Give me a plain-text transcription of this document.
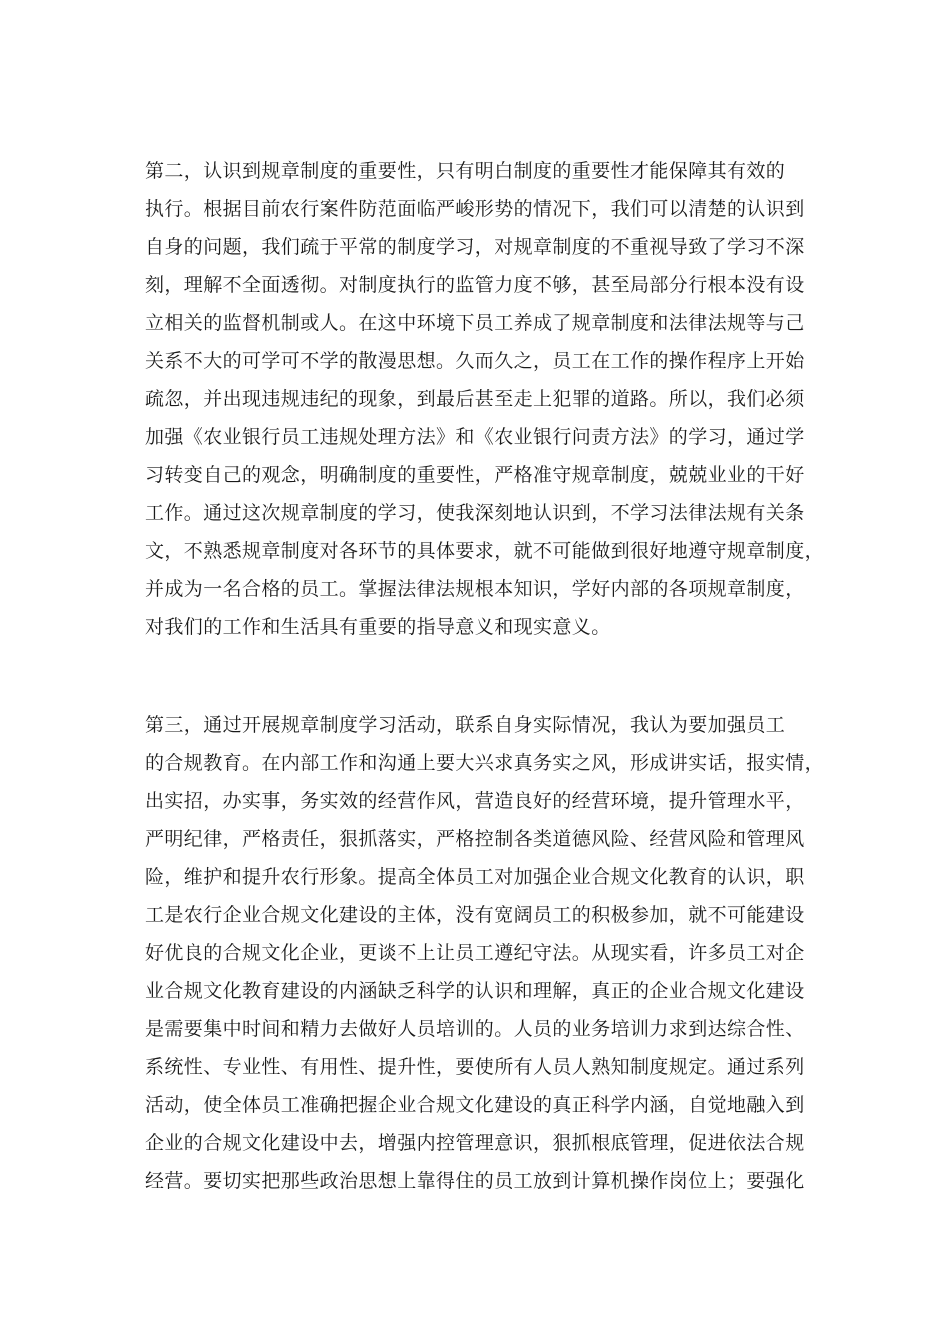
第二，认识到规章制度的重要性，只有明白制度的重要性才能保障其有效的
执行。根据目前农行案件防范面临严峻形势的情况下，我们可以清楚的认识到
自身的问题，我们疏于平常的制度学习，对规章制度的不重视导致了学习不深
刻，理解不全面透彻。对制度执行的监管力度不够，甚至局部分行根本没有设
立相关的监督机制或人。在这中环境下员工养成了规章制度和法律法规等与己
关系不大的可学可不学的散漫思想。久而久之，员工在工作的操作程序上开始
疏忽，并出现违规违纪的现象，到最后甚至走上犯罪的道路。所以，我们必须
加强《农业银行员工违规处理方法》和《农业银行问责方法》的学习，通过学
习转变自己的观念，明确制度的重要性，严格准守规章制度，兢兢业业的干好
工作。通过这次规章制度的学习，使我深刻地认识到，不学习法律法规有关条
文，不熟悉规章制度对各环节的具体要求，就不可能做到很好地遵守规章制度，
并成为一名合格的员工。掌握法律法规根本知识，学好内部的各项规章制度，
对我们的工作和生活具有重要的指导意义和现实意义。
第三，通过开展规章制度学习活动，联系自身实际情况，我认为要加强员工
的合规教育。在内部工作和沟通上要大兴求真务实之风，形成讲实话，报实情，
出实招，办实事，务实效的经营作风，营造良好的经营环境，提升管理水平，
严明纪律，严格责任，狠抓落实，严格控制各类道德风险、经营风险和管理风
险，维护和提升农行形象。提高全体员工对加强企业合规文化教育的认识，职
工是农行企业合规文化建设的主体，没有宽阔员工的积极参加，就不可能建设
好优良的合规文化企业，更谈不上让员工遵纪守法。从现实看，许多员工对企
业合规文化教育建设的内涵缺乏科学的认识和理解，真正的企业合规文化建设
是需要集中时间和精力去做好人员培训的。人员的业务培训力求到达综合性、
系统性、专业性、有用性、提升性，要使所有人员人熟知制度规定。通过系列
活动，使全体员工准确把握企业合规文化建设的真正科学内涵，自觉地融入到
企业的合规文化建设中去，增强内控管理意识，狠抓根底管理，促进依法合规
经营。要切实把那些政治思想上靠得住的员工放到计算机操作岗位上；要强化
